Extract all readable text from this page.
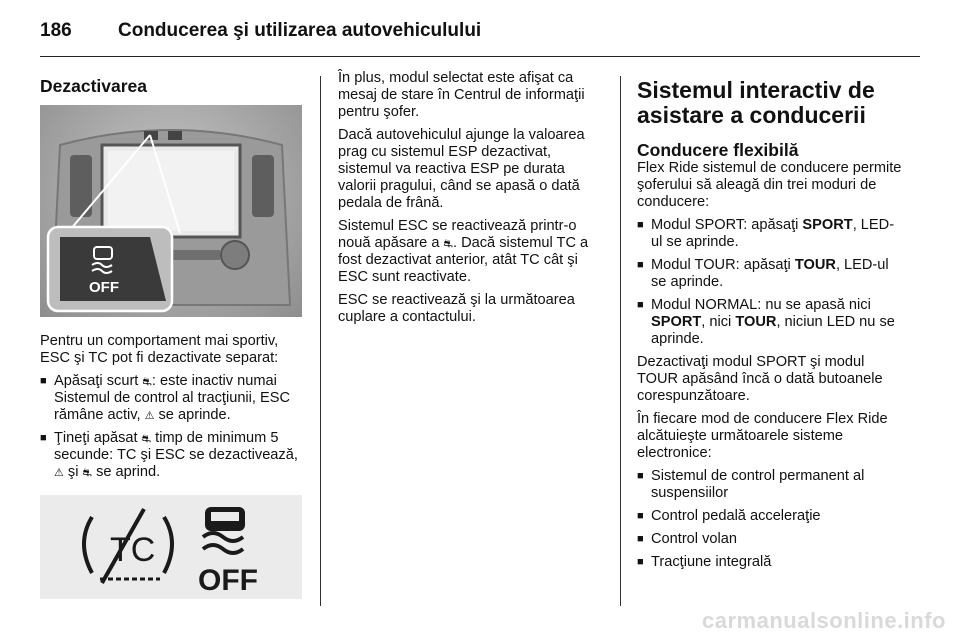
186 Conducerea şi utilizarea autovehiculului
Dezactivarea
OFF

Pentru un comportament mai sportiv, ESC şi TC pot fi dezactivate separat:

■ Apăsaţi scurt ⛐: este inactiv numai Sistemul de control al tracţiunii, ESC rămâne activ, ⚠ se aprinde.
■ Ţineţi apăsat ⛐ timp de minimum 5 secunde: TC şi ESC se dezactivează, ⚠ şi ⛐ se aprind.
TC
OFF

În plus, modul selectat este afişat ca mesaj de stare în Centrul de informaţii pentru şofer.

Dacă autovehiculul ajunge la valoarea prag cu sistemul ESP dezactivat, sistemul va reactiva ESP pe durata valorii pragului, când se apasă o dată pedala de frână.

Sistemul ESC se reactivează printr-o nouă apăsare a ⛐. Dacă sistemul TC a fost dezactivat anterior, atât TC cât şi ESC sunt reactivate.

ESC se reactivează şi la următoarea cuplare a contactului.

Sistemul interactiv de asistare a conducerii
Conducere flexibilă

Flex Ride sistemul de conducere permite şoferului să aleagă din trei moduri de conducere:

■ Modul SPORT: apăsaţi SPORT, LED-ul se aprinde.
■ Modul TOUR: apăsaţi TOUR, LED-ul se aprinde.
■ Modul NORMAL: nu se apasă nici SPORT, nici TOUR, niciun LED nu se aprinde.

Dezactivaţi modul SPORT şi modul TOUR apăsând încă o dată butoanele corespunzătoare.

În fiecare mod de conducere Flex Ride alcătuieşte următoarele sisteme electronice:

■ Sistemul de control permanent al suspensiilor
■ Control pedală acceleraţie
■ Control volan
■ Tracţiune integrală
carmanualsonline.info
